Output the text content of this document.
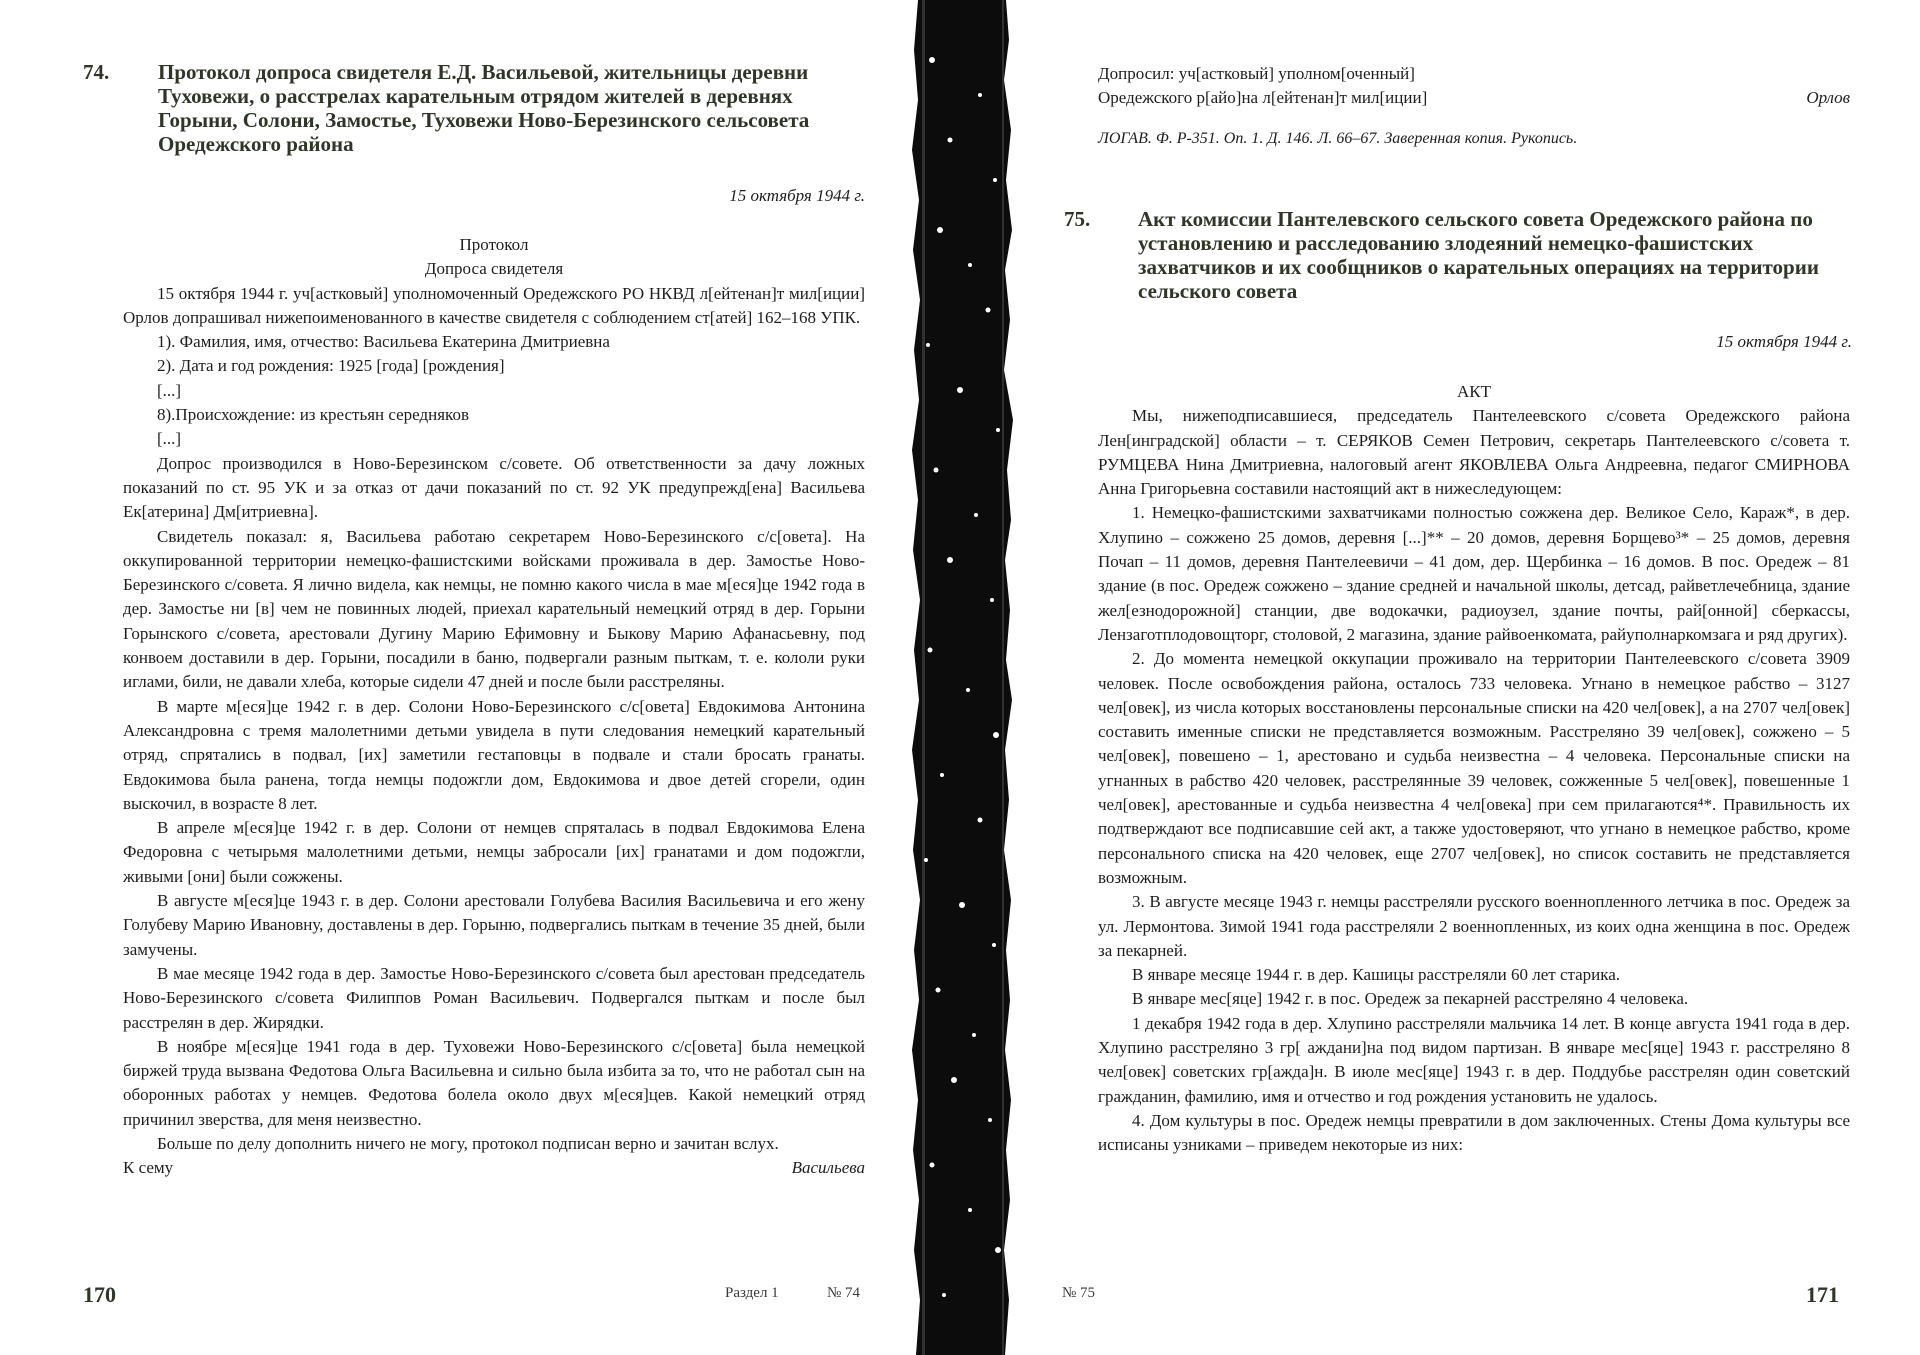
74. Протокол допроса свидетеля Е.Д. Васильевой, жительницы деревни Туховежи, о расстрелах карательным отрядом жителей в деревнях Горыни, Солони, Замостье, Туховежи Ново-Березинского сельсовета Оредежского района
15 октября 1944 г.
Протокол
Допроса свидетеля

15 октября 1944 г. уч[астковый] уполномоченный Оредежского РО НКВД л[ейтенан]т мил[иции] Орлов допрашивал нижепоименованного в качестве свидетеля с соблюдением ст[атей] 162–168 УПК.

1). Фамилия, имя, отчество: Васильева Екатерина Дмитриевна

2). Дата и год рождения: 1925 [года] [рождения]

[...]

8).Происхождение: из крестьян середняков

[...]

Допрос производился в Ново-Березинском с/совете. Об ответственности за дачу ложных показаний по ст. 95 УК и за отказ от дачи показаний по ст. 92 УК предупрежд[ена] Васильева Ек[атерина] Дм[итриевна].

Свидетель показал: я, Васильева работаю секретарем Ново-Березинского с/с[овета]. На оккупированной территории немецко-фашистскими войсками проживала в дер. Замостье Ново-Березинского с/совета. Я лично видела, как немцы, не помню какого числа в мае м[еся]це 1942 года в дер. Замостье ни [в] чем не повинных людей, приехал карательный немецкий отряд в дер. Горыни Горынского с/совета, арестовали Дугину Марию Ефимовну и Быкову Марию Афанасьевну, под конвоем доставили в дер. Горыни, посадили в баню, подвергали разным пыткам, т. е. кололи руки иглами, били, не давали хлеба, которые сидели 47 дней и после были расстреляны.

В марте м[еся]це 1942 г. в дер. Солони Ново-Березинского с/с[овета] Евдокимова Антонина Александровна с тремя малолетними детьми увидела в пути следования немецкий карательный отряд, спрятались в подвал, [их] заметили гестаповцы в подвале и стали бросать гранаты. Евдокимова была ранена, тогда немцы подожгли дом, Евдокимова и двое детей сгорели, один выскочил, в возрасте 8 лет.

В апреле м[еся]це 1942 г. в дер. Солони от немцев спряталась в подвал Евдокимова Елена Федоровна с четырьмя малолетними детьми, немцы забросали [их] гранатами и дом подожгли, живыми [они] были сожжены.

В августе м[еся]це 1943 г. в дер. Солони арестовали Голубева Василия Васильевича и его жену Голубеву Марию Ивановну, доставлены в дер. Горыню, подвергались пыткам в течение 35 дней, были замучены.

В мае месяце 1942 года в дер. Замостье Ново-Березинского с/совета был арестован председатель Ново-Березинского с/совета Филиппов Роман Васильевич. Подвергался пыткам и после был расстрелян в дер. Жирядки.

В ноябре м[еся]це 1941 года в дер. Туховежи Ново-Березинского с/с[овета] была немецкой биржей труда вызвана Федотова Ольга Васильевна и сильно была избита за то, что не работал сын на оборонных работах у немцев. Федотова болела около двух м[еся]цев. Какой немецкий отряд причинил зверства, для меня неизвестно.

Больше по делу дополнить ничего не могу, протокол подписан верно и зачитан вслух.

К сему	Васильева
170	Раздел 1	№ 74
Допросил: уч[астковый] уполном[оченный]
Оредежского р[айо]на л[ейтенан]т мил[иции]	Орлов
ЛОГАВ. Ф. Р-351. Оп. 1. Д. 146. Л. 66–67. Заверенная копия. Рукопись.
75. Акт комиссии Пантелевского сельского совета Оредежского района по установлению и расследованию злодеяний немецко-фашистских захватчиков и их сообщников о карательных операциях на территории сельского совета
15 октября 1944 г.
АКТ

Мы, нижеподписавшиеся, председатель Пантелеевского с/совета Оредежского района Лен[инградской] области – т. СЕРЯКОВ Семен Петрович, секретарь Пантелеевского с/совета т. РУМЦЕВА Нина Дмитриевна, налоговый агент ЯКОВЛЕВА Ольга Андреевна, педагог СМИРНОВА Анна Григорьевна составили настоящий акт в нижеследующем:

1. Немецко-фашистскими захватчиками полностью сожжена дер. Великое Село, Караж*, в дер. Хлупино – сожжено 25 домов, деревня [...]** – 20 домов, деревня Борщево³* – 25 домов, деревня Почап – 11 домов, деревня Пантелеевичи – 41 дом, дер. Щербинка – 16 домов. В пос. Оредеж – 81 здание (в пос. Оредеж сожжено – здание средней и начальной школы, детсад, райветлечебница, здание жел[езнодорожной] станции, две водокачки, радиоузел, здание почты, рай[онной] сберкассы, Лензаготплодовощторг, столовой, 2 магазина, здание райвоенкомата, райуполнаркомзага и ряд других).

2. До момента немецкой оккупации проживало на территории Пантелеевского с/совета 3909 человек. После освобождения района, осталось 733 человека. Угнано в немецкое рабство – 3127 чел[овек], из числа которых восстановлены персональные списки на 420 чел[овек], а на 2707 чел[овек] составить именные списки не представляется возможным. Расстреляно 39 чел[овек], сожжено – 5 чел[овек], повешено – 1, арестовано и судьба неизвестна – 4 человека. Персональные списки на угнанных в рабство 420 человек, расстрелянные 39 человек, сожженные 5 чел[овек], повешенные 1 чел[овек], арестованные и судьба неизвестна 4 чел[овека] при сем прилагаются⁴*. Правильность их подтверждают все подписавшие сей акт, а также удостоверяют, что угнано в немецкое рабство, кроме персонального списка на 420 человек, еще 2707 чел[овек], но список составить не представляется возможным.

3. В августе месяце 1943 г. немцы расстреляли русского военнопленного летчика в пос. Оредеж за ул. Лермонтова. Зимой 1941 года расстреляли 2 военнопленных, из коих одна женщина в пос. Оредеж за пекарней.

В январе месяце 1944 г. в дер. Кашицы расстреляли 60 лет старика.

В январе мес[яце] 1942 г. в пос. Оредеж за пекарней расстреляно 4 человека.

1 декабря 1942 года в дер. Хлупино расстреляли мальчика 14 лет. В конце августа 1941 года в дер. Хлупино расстреляно 3 гр[ аждани]на под видом партизан. В январе мес[яце] 1943 г. расстреляно 8 чел[овек] советских гр[ажда]н. В июле мес[яце] 1943 г. в дер. Поддубье расстрелян один советский гражданин, фамилию, имя и отчество и год рождения установить не удалось.

4. Дом культуры в пос. Оредеж немцы превратили в дом заключенных. Стены Дома культуры все исписаны узниками – приведем некоторые из них:

№ 75	171
